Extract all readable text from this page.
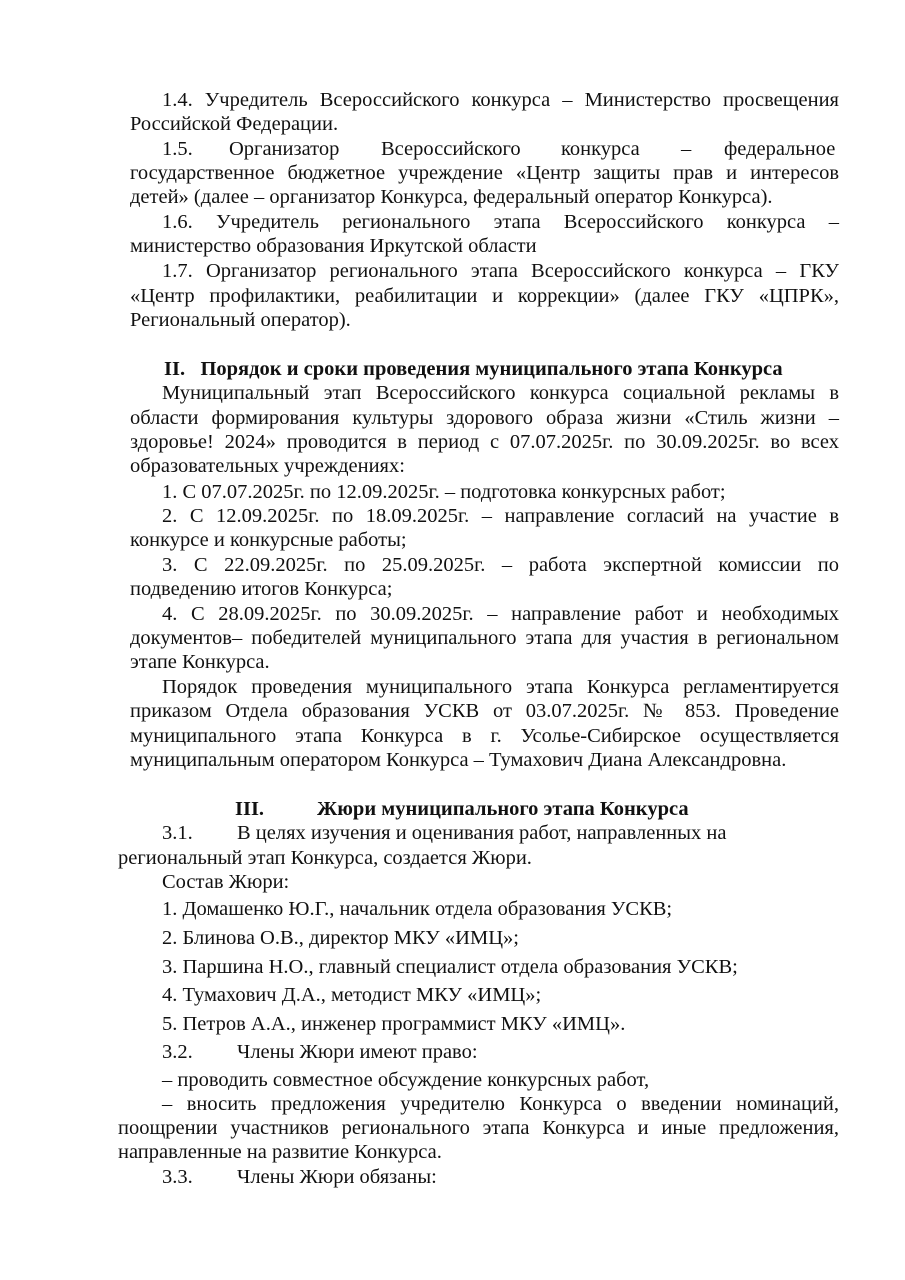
1.4. Учредитель Всероссийского конкурса – Министерство просвещения
Российской Федерации.
1.5. Организатор Всероссийского конкурса – федеральное
государственное бюджетное учреждение «Центр защиты прав и интересов
детей» (далее – организатор Конкурса, федеральный оператор Конкурса).
1.6. Учредитель регионального этапа Всероссийского конкурса –
министерство образования Иркутской области
1.7. Организатор регионального этапа Всероссийского конкурса – ГКУ
«Центр профилактики, реабилитации и коррекции» (далее ГКУ «ЦПРК»,
Региональный оператор).
II.   Порядок и сроки проведения муниципального этапа Конкурса
Муниципальный этап Всероссийского конкурса социальной рекламы в
области формирования культуры здорового образа жизни «Стиль жизни –
здоровье! 2024» проводится в период с 07.07.2025г. по 30.09.2025г. во всех
образовательных учреждениях:
1. С 07.07.2025г. по 12.09.2025г. – подготовка конкурсных работ;
2. С 12.09.2025г. по 18.09.2025г. – направление согласий на участие в
конкурсе и конкурсные работы;
3. С 22.09.2025г. по 25.09.2025г. – работа экспертной комиссии по
подведению итогов Конкурса;
4. С 28.09.2025г. по 30.09.2025г. – направление работ и необходимых
документов– победителей муниципального этапа для участия в региональном
этапе Конкурса.
Порядок проведения муниципального этапа Конкурса регламентируется
приказом Отдела образования УСКВ от 03.07.2025г. № 853. Проведение
муниципального этапа Конкурса в г. Усолье-Сибирское осуществляется
муниципальным оператором Конкурса – Тумахович Диана Александровна.
III.	Жюри муниципального этапа Конкурса
3.1. В целях изучения и оценивания работ, направленных на
региональный этап Конкурса, создается Жюри.
Состав Жюри:
1. Домашенко Ю.Г., начальник отдела образования УСКВ;
2. Блинова О.В., директор МКУ «ИМЦ»;
3. Паршина Н.О., главный специалист отдела образования УСКВ;
4. Тумахович Д.А., методист МКУ «ИМЦ»;
5. Петров А.А., инженер программист МКУ «ИМЦ».
3.2. Члены Жюри имеют право:
– проводить совместное обсуждение конкурсных работ,
– вносить предложения учредителю Конкурса о введении номинаций,
поощрении участников регионального этапа Конкурса и иные предложения,
направленные на развитие Конкурса.
3.3. Члены Жюри обязаны:
